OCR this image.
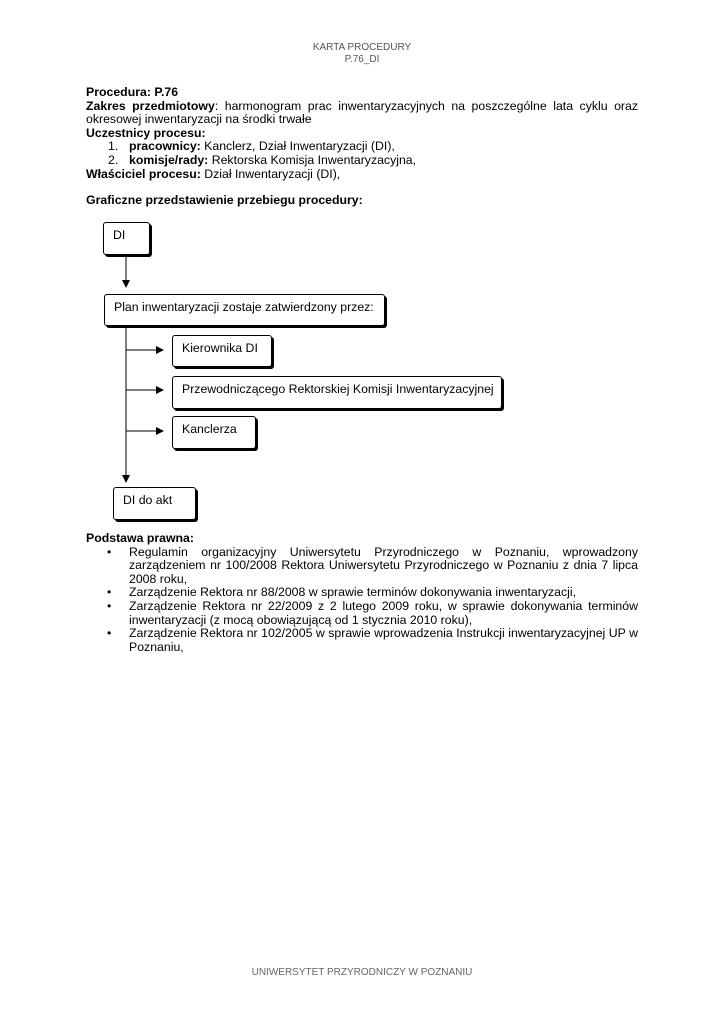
KARTA PROCEDURY
P.76_DI
Procedura: P.76
Zakres przedmiotowy: harmonogram prac inwentaryzacyjnych na poszczególne lata cyklu oraz okresowej inwentaryzacji na środki trwałe
Uczestnicy procesu:
1. pracownicy: Kanclerz, Dział Inwentaryzacji (DI),
2. komisje/rady: Rektorska Komisja Inwentaryzacyjna,
Właściciel procesu: Dział Inwentaryzacji (DI),
Graficzne przedstawienie przebiegu procedury:
DI
Plan inwentaryzacji zostaje zatwierdzony przez:
Kierownika DI
Przewodniczącego Rektorskiej Komisji Inwentaryzacyjnej
Kanclerza
DI do akt
Podstawa prawna:
• Regulamin organizacyjny Uniwersytetu Przyrodniczego w Poznaniu, wprowadzony zarządzeniem nr 100/2008 Rektora Uniwersytetu Przyrodniczego w Poznaniu z dnia 7 lipca 2008 roku,
• Zarządzenie Rektora nr 88/2008 w sprawie terminów dokonywania inwentaryzacji,
• Zarządzenie Rektora nr 22/2009 z 2 lutego 2009 roku, w sprawie dokonywania terminów inwentaryzacji (z mocą obowiązującą od 1 stycznia 2010 roku),
• Zarządzenie Rektora nr 102/2005 w sprawie wprowadzenia Instrukcji inwentaryzacyjnej UP w Poznaniu,
UNIWERSYTET PRZYRODNICZY W POZNANIU
